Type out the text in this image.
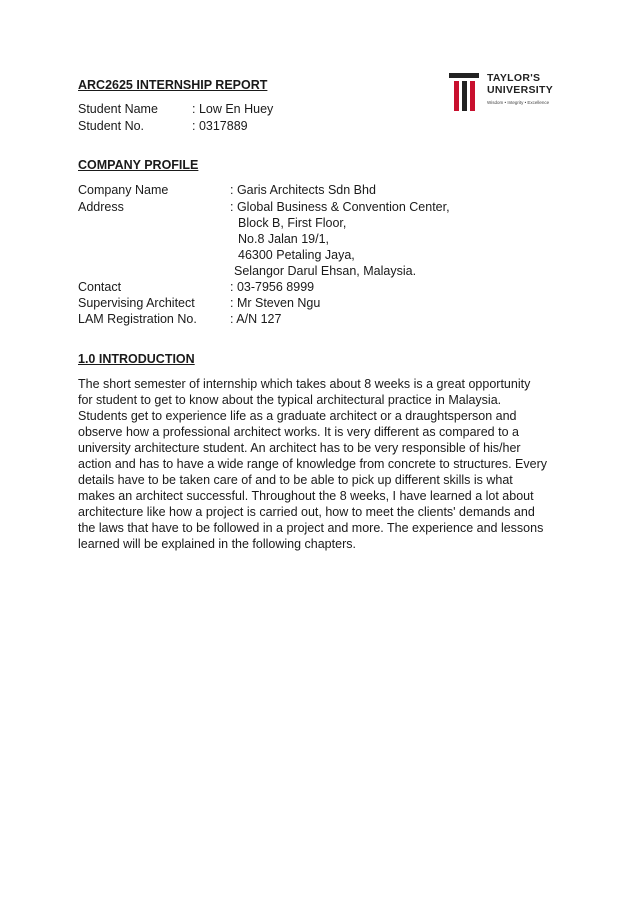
ARC2625 INTERNSHIP REPORT
Student Name	: Low En Huey
Student No.	: 0317889
TAYLOR'S
UNIVERSITY
Wisdom • Integrity • Excellence
COMPANY PROFILE
Company Name	: Garis Architects Sdn Bhd
Address	: Global Business & Convention Center,
Block B, First Floor,
No.8 Jalan 19/1,
46300 Petaling Jaya,
Selangor Darul Ehsan, Malaysia.
Contact	: 03-7956 8999
Supervising Architect	: Mr Steven Ngu
LAM Registration No.	: A/N 127
1.0 INTRODUCTION
The short semester of internship which takes about 8 weeks is a great opportunity
for student to get to know about the typical architectural practice in Malaysia.
Students get to experience life as a graduate architect or a draughtsperson and
observe how a professional architect works. It is very different as compared to a
university architecture student. An architect has to be very responsible of his/her
action and has to have a wide range of knowledge from concrete to structures. Every
details have to be taken care of and to be able to pick up different skills is what
makes an architect successful. Throughout the 8 weeks, I have learned a lot about
architecture like how a project is carried out, how to meet the clients' demands and
the laws that have to be followed in a project and more. The experience and lessons
learned will be explained in the following chapters.
